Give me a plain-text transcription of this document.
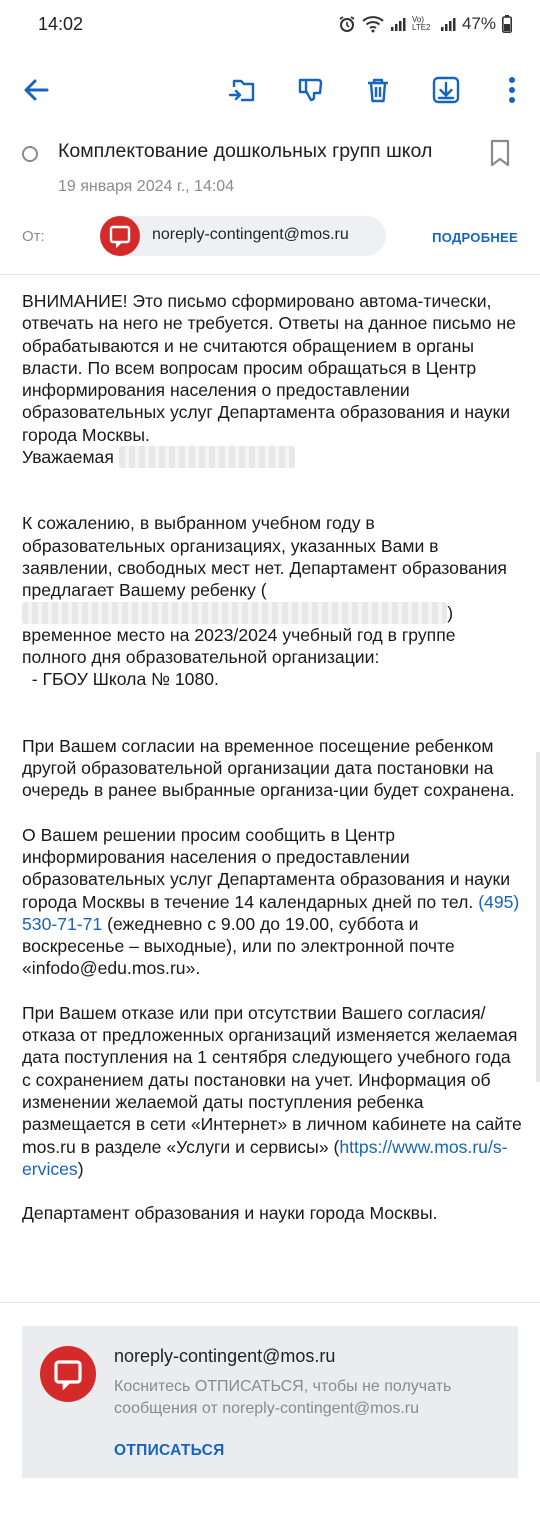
14:02	Vo) LTE2 47%
Комплектование дошкольных групп школ
19 января 2024 г., 14:04
От:	noreply-contingent@mos.ru	ПОДРОБНЕЕ

ВНИМАНИЕ! Это письмо сформировано автома-тически, отвечать на него не требуется. Ответы на данное письмо не обрабатываются и не считаются обращением в органы власти. По всем вопросам просим обращаться в Центр информирования населения о предоставлении образовательных услуг Департамента образования и науки города Москвы.

Уважаемая

К сожалению, в выбранном учебном году в образовательных организациях, указанных Вами в заявлении, свободных мест нет. Департамент образования предлагает Вашему ребенку (                                                                                       ) временное место на 2023/2024 учебный год в группе полного дня образовательной организации:

- ГБОУ Школа № 1080.

При Вашем согласии на временное посещение ребенком другой образовательной организации дата постановки на очередь в ранее выбранные организа-ции будет сохранена.

О Вашем решении просим сообщить в Центр информирования населения о предоставлении образовательных услуг Департамента образования и науки города Москвы в течение 14 календарных дней по тел. (495) 530-71-71 (ежедневно с 9.00 до 19.00, суббота и воскресенье – выходные), или по электронной почте «infodo@edu.mos.ru».

При Вашем отказе или при отсутствии Вашего согласия/отказа от предложенных организаций изменяется желаемая дата поступления на 1 сентября следующего учебного года с сохранением даты постановки на учет. Информация об изменении желаемой даты поступления ребенка размещается в сети «Интернет» в личном кабинете на сайте mos.ru в разделе «Услуги и сервисы» (https://www.mos.ru/s-ervices)

Департамент образования и науки города Москвы.

noreply-contingent@mos.ru
Коснитесь ОТПИСАТЬСЯ, чтобы не получать сообщения от noreply-contingent@mos.ru
ОТПИСАТЬСЯ
